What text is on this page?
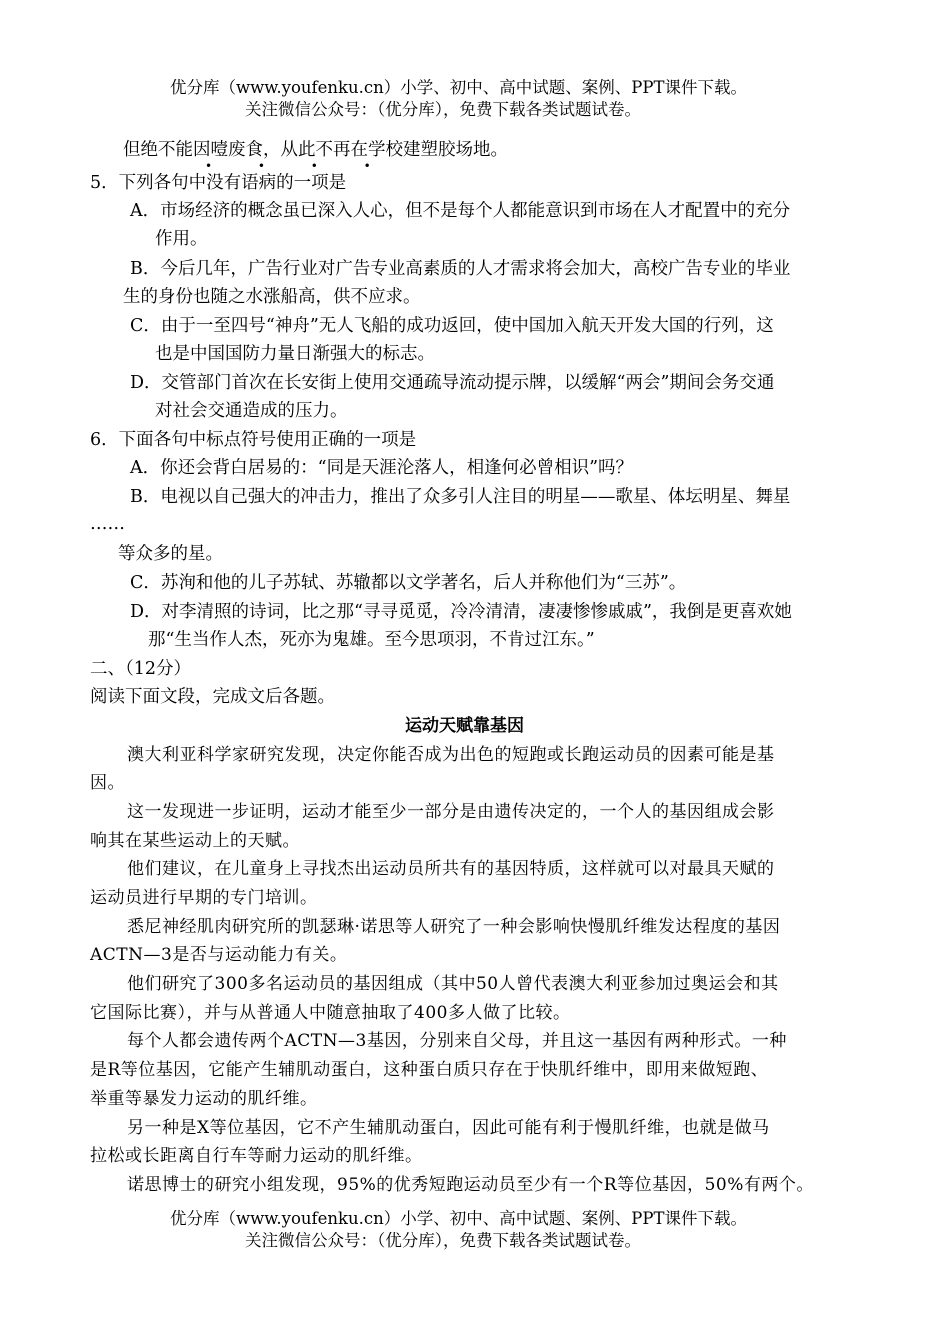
优分库（www.youfenku.cn）小学、初中、高中试题、案例、PPT课件下载。
关注微信公众号：（优分库），免费下载各类试题试卷。
但绝不能因噎废食，从此不再在学校建塑胶场地。
• • • •
5．下列各句中没有语病的一项是
A．市场经济的概念虽已深入人心，但不是每个人都能意识到市场在人才配置中的充分
作用。
B．今后几年，广告行业对广告专业高素质的人才需求将会加大，高校广告专业的毕业
生的身份也随之水涨船高，供不应求。
C．由于一至四号“神舟”无人飞船的成功返回，使中国加入航天开发大国的行列，这
也是中国国防力量日渐强大的标志。
D．交管部门首次在长安街上使用交通疏导流动提示牌，以缓解“两会”期间会务交通
对社会交通造成的压力。
6．下面各句中标点符号使用正确的一项是
A．你还会背白居易的：“同是天涯沦落人，相逢何必曾相识”吗？
B．电视以自己强大的冲击力，推出了众多引人注目的明星——歌星、体坛明星、舞星
……
等众多的星。
C．苏洵和他的儿子苏轼、苏辙都以文学著名，后人并称他们为“三苏”。
D．对李清照的诗词，比之那“寻寻觅觅，冷冷清清，凄凄惨惨戚戚”，我倒是更喜欢她
那“生当作人杰，死亦为鬼雄。至今思项羽，不肯过江东。”
二、（12分）
阅读下面文段，完成文后各题。
运动天赋靠基因
澳大利亚科学家研究发现，决定你能否成为出色的短跑或长跑运动员的因素可能是基
因。
这一发现进一步证明，运动才能至少一部分是由遗传决定的，一个人的基因组成会影
响其在某些运动上的天赋。
他们建议，在儿童身上寻找杰出运动员所共有的基因特质，这样就可以对最具天赋的
运动员进行早期的专门培训。
悉尼神经肌肉研究所的凯瑟琳·诺思等人研究了一种会影响快慢肌纤维发达程度的基因
ACTN—3是否与运动能力有关。
他们研究了300多名运动员的基因组成（其中50人曾代表澳大利亚参加过奥运会和其
它国际比赛），并与从普通人中随意抽取了400多人做了比较。
每个人都会遗传两个ACTN—3基因，分别来自父母，并且这一基因有两种形式。一种
是R等位基因，它能产生辅肌动蛋白，这种蛋白质只存在于快肌纤维中，即用来做短跑、
举重等暴发力运动的肌纤维。
另一种是X等位基因，它不产生辅肌动蛋白，因此可能有利于慢肌纤维，也就是做马
拉松或长距离自行车等耐力运动的肌纤维。
诺思博士的研究小组发现，95%的优秀短跑运动员至少有一个R等位基因，50%有两个。
优分库（www.youfenku.cn）小学、初中、高中试题、案例、PPT课件下载。
关注微信公众号：（优分库），免费下载各类试题试卷。
